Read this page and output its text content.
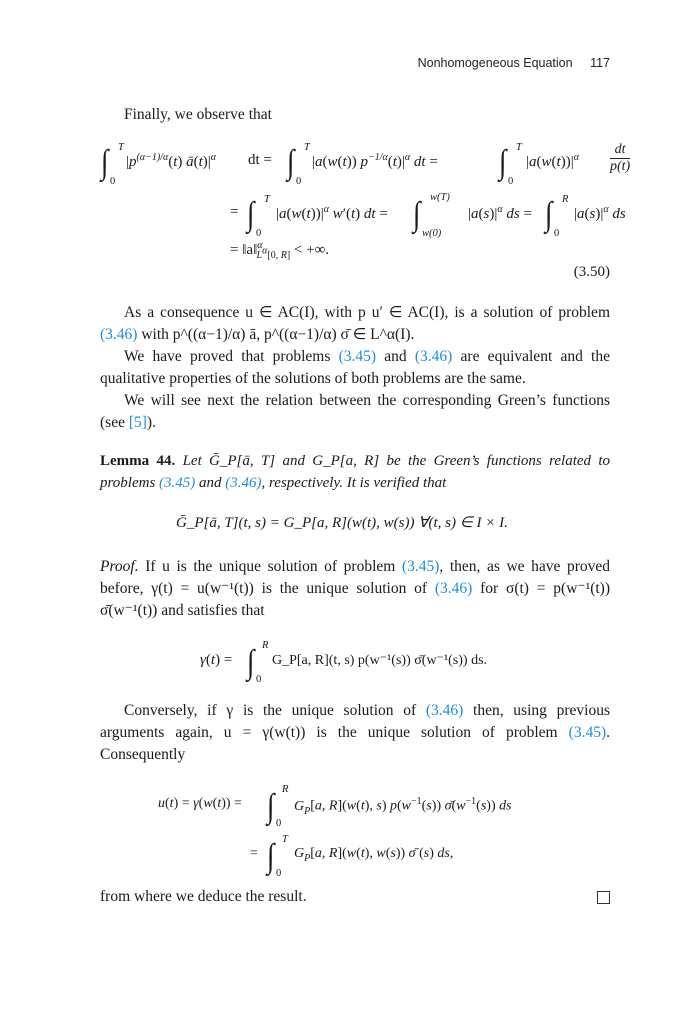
Nonhomogeneous Equation 117
Finally, we observe that
∫ T
0
$|p^{(\alpha-1)/\alpha}(t)$ $ā(t)|^\alpha$ dt = ∫ T
0
|a(w(t)) $p^{-1/\alpha}(t)|^\alpha$ dt = ∫ T
0
$|a(w(t))|^\alpha \frac{dt}{p(t)}$
= ∫ T
0
$|a(w(t))|^\alpha$ w′(t) dt = ∫ w(T)
w(0)
$|a(s)|^\alpha$ ds = ∫ R
0
$|a(s)|^\alpha$ ds
= ‖a‖$^\alpha_{L^\alpha[0, R]}$ < +∞.
(3.50)
As a consequence u ∈ AC(I), with p u′ ∈ AC(I), is a solution of problem (3.46) with p^((α−1)/α) ā, p^((α−1)/α) σ̄ ∈ L^α(I).
We have proved that problems (3.45) and (3.46) are equivalent and the qualitative properties of the solutions of both problems are the same.
We will see next the relation between the corresponding Green’s functions (see [5]).
Lemma 44. Let Ḡ_P[ā, T] and G_P[a, R] be the Green’s functions related to problems (3.45) and (3.46), respectively. It is verified that
Ḡ_P[ā, T](t, s) = G_P[a, R](w(t), w(s)) ∀(t, s) ∈ I × I.
Proof. If u is the unique solution of problem (3.45), then, as we have proved before, γ(t) = u(w⁻¹(t)) is the unique solution of (3.46) for σ(t) = p(w⁻¹(t)) σ̄(w⁻¹(t)) and satisfies that
γ(t) = ∫ R
0
G_P[a, R](t, s) p(w⁻¹(s)) σ̄(w⁻¹(s)) ds.
Conversely, if γ is the unique solution of (3.46) then, using previous arguments again, u = γ(w(t)) is the unique solution of problem (3.45). Consequently
u(t) = γ(w(t)) = ∫ R
0
$G_P[a$, R](w(t), s) $p(w^{-1}(s))$ $\sigmā(w^{-1}(s))$ ds
= ∫ T
0
$G_P[a$, R](w(t), w(s)) σ̄ (s) ds,
from where we deduce the result.
